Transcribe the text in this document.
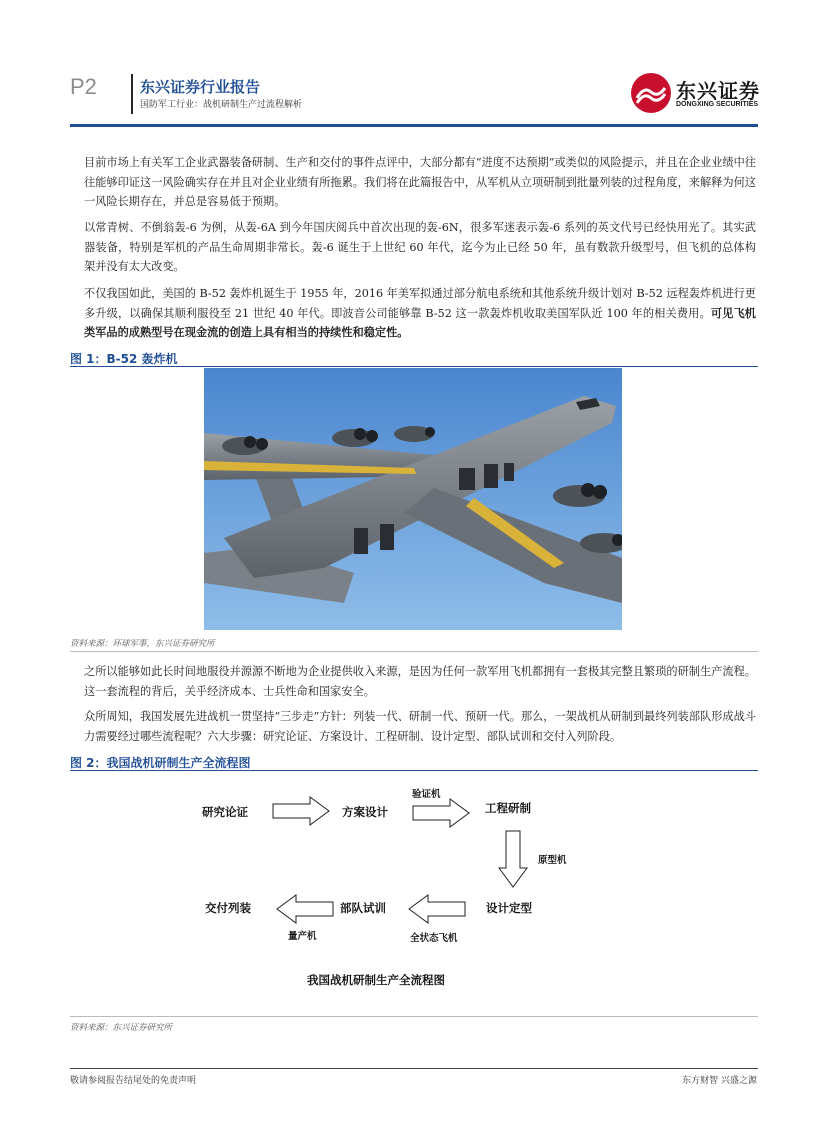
P2	东兴证券行业报告
国防军工行业：战机研制生产过流程解析
东兴证券
DONGXING SECURITIES

目前市场上有关军工企业武器装备研制、生产和交付的事件点评中，大部分都有“进度不达预期”或类似的风险提示，并且在企业业绩中往往能够印证这一风险确实存在并且对企业业绩有所拖累。我们将在此篇报告中，从军机从立项研制到批量列装的过程角度，来解释为何这一风险长期存在，并总是容易低于预期。

以常青树、不倒翁轰-6 为例，从轰-6A 到今年国庆阅兵中首次出现的轰-6N，很多军迷表示轰-6 系列的英文代号已经快用光了。其实武器装备，特别是军机的产品生命周期非常长。轰-6 诞生于上世纪 60 年代，迄今为止已经 50 年，虽有数款升级型号，但飞机的总体构架并没有太大改变。

不仅我国如此，美国的 B-52 轰炸机诞生于 1955 年，2016 年美军拟通过部分航电系统和其他系统升级计划对 B-52 远程轰炸机进行更多升级，以确保其顺利服役至 21 世纪 40 年代。即波音公司能够靠 B-52 这一款轰炸机收取美国军队近 100 年的相关费用。可见飞机类军品的成熟型号在现金流的创造上具有相当的持续性和稳定性。

图 1：B-52 轰炸机
资料来源：环球军事，东兴证券研究所

之所以能够如此长时间地服役并源源不断地为企业提供收入来源，是因为任何一款军用飞机都拥有一套极其完整且繁琐的研制生产流程。这一套流程的背后，关乎经济成本、士兵性命和国家安全。

众所周知，我国发展先进战机一贯坚持“三步走”方针：列装一代、研制一代、预研一代。那么，一架战机从研制到最终列装部队形成战斗力需要经过哪些流程呢？六大步骤：研究论证、方案设计、工程研制、设计定型、部队试训和交付入列阶段。

图 2：我国战机研制生产全流程图
研究论证	方案设计
验证机
工程研制
原型机
设计定型
全状态飞机
部队试训
量产机
交付列装
我国战机研制生产全流程图
资料来源：东兴证券研究所
敬请参阅报告结尾处的免责声明	东方财智 兴盛之源
